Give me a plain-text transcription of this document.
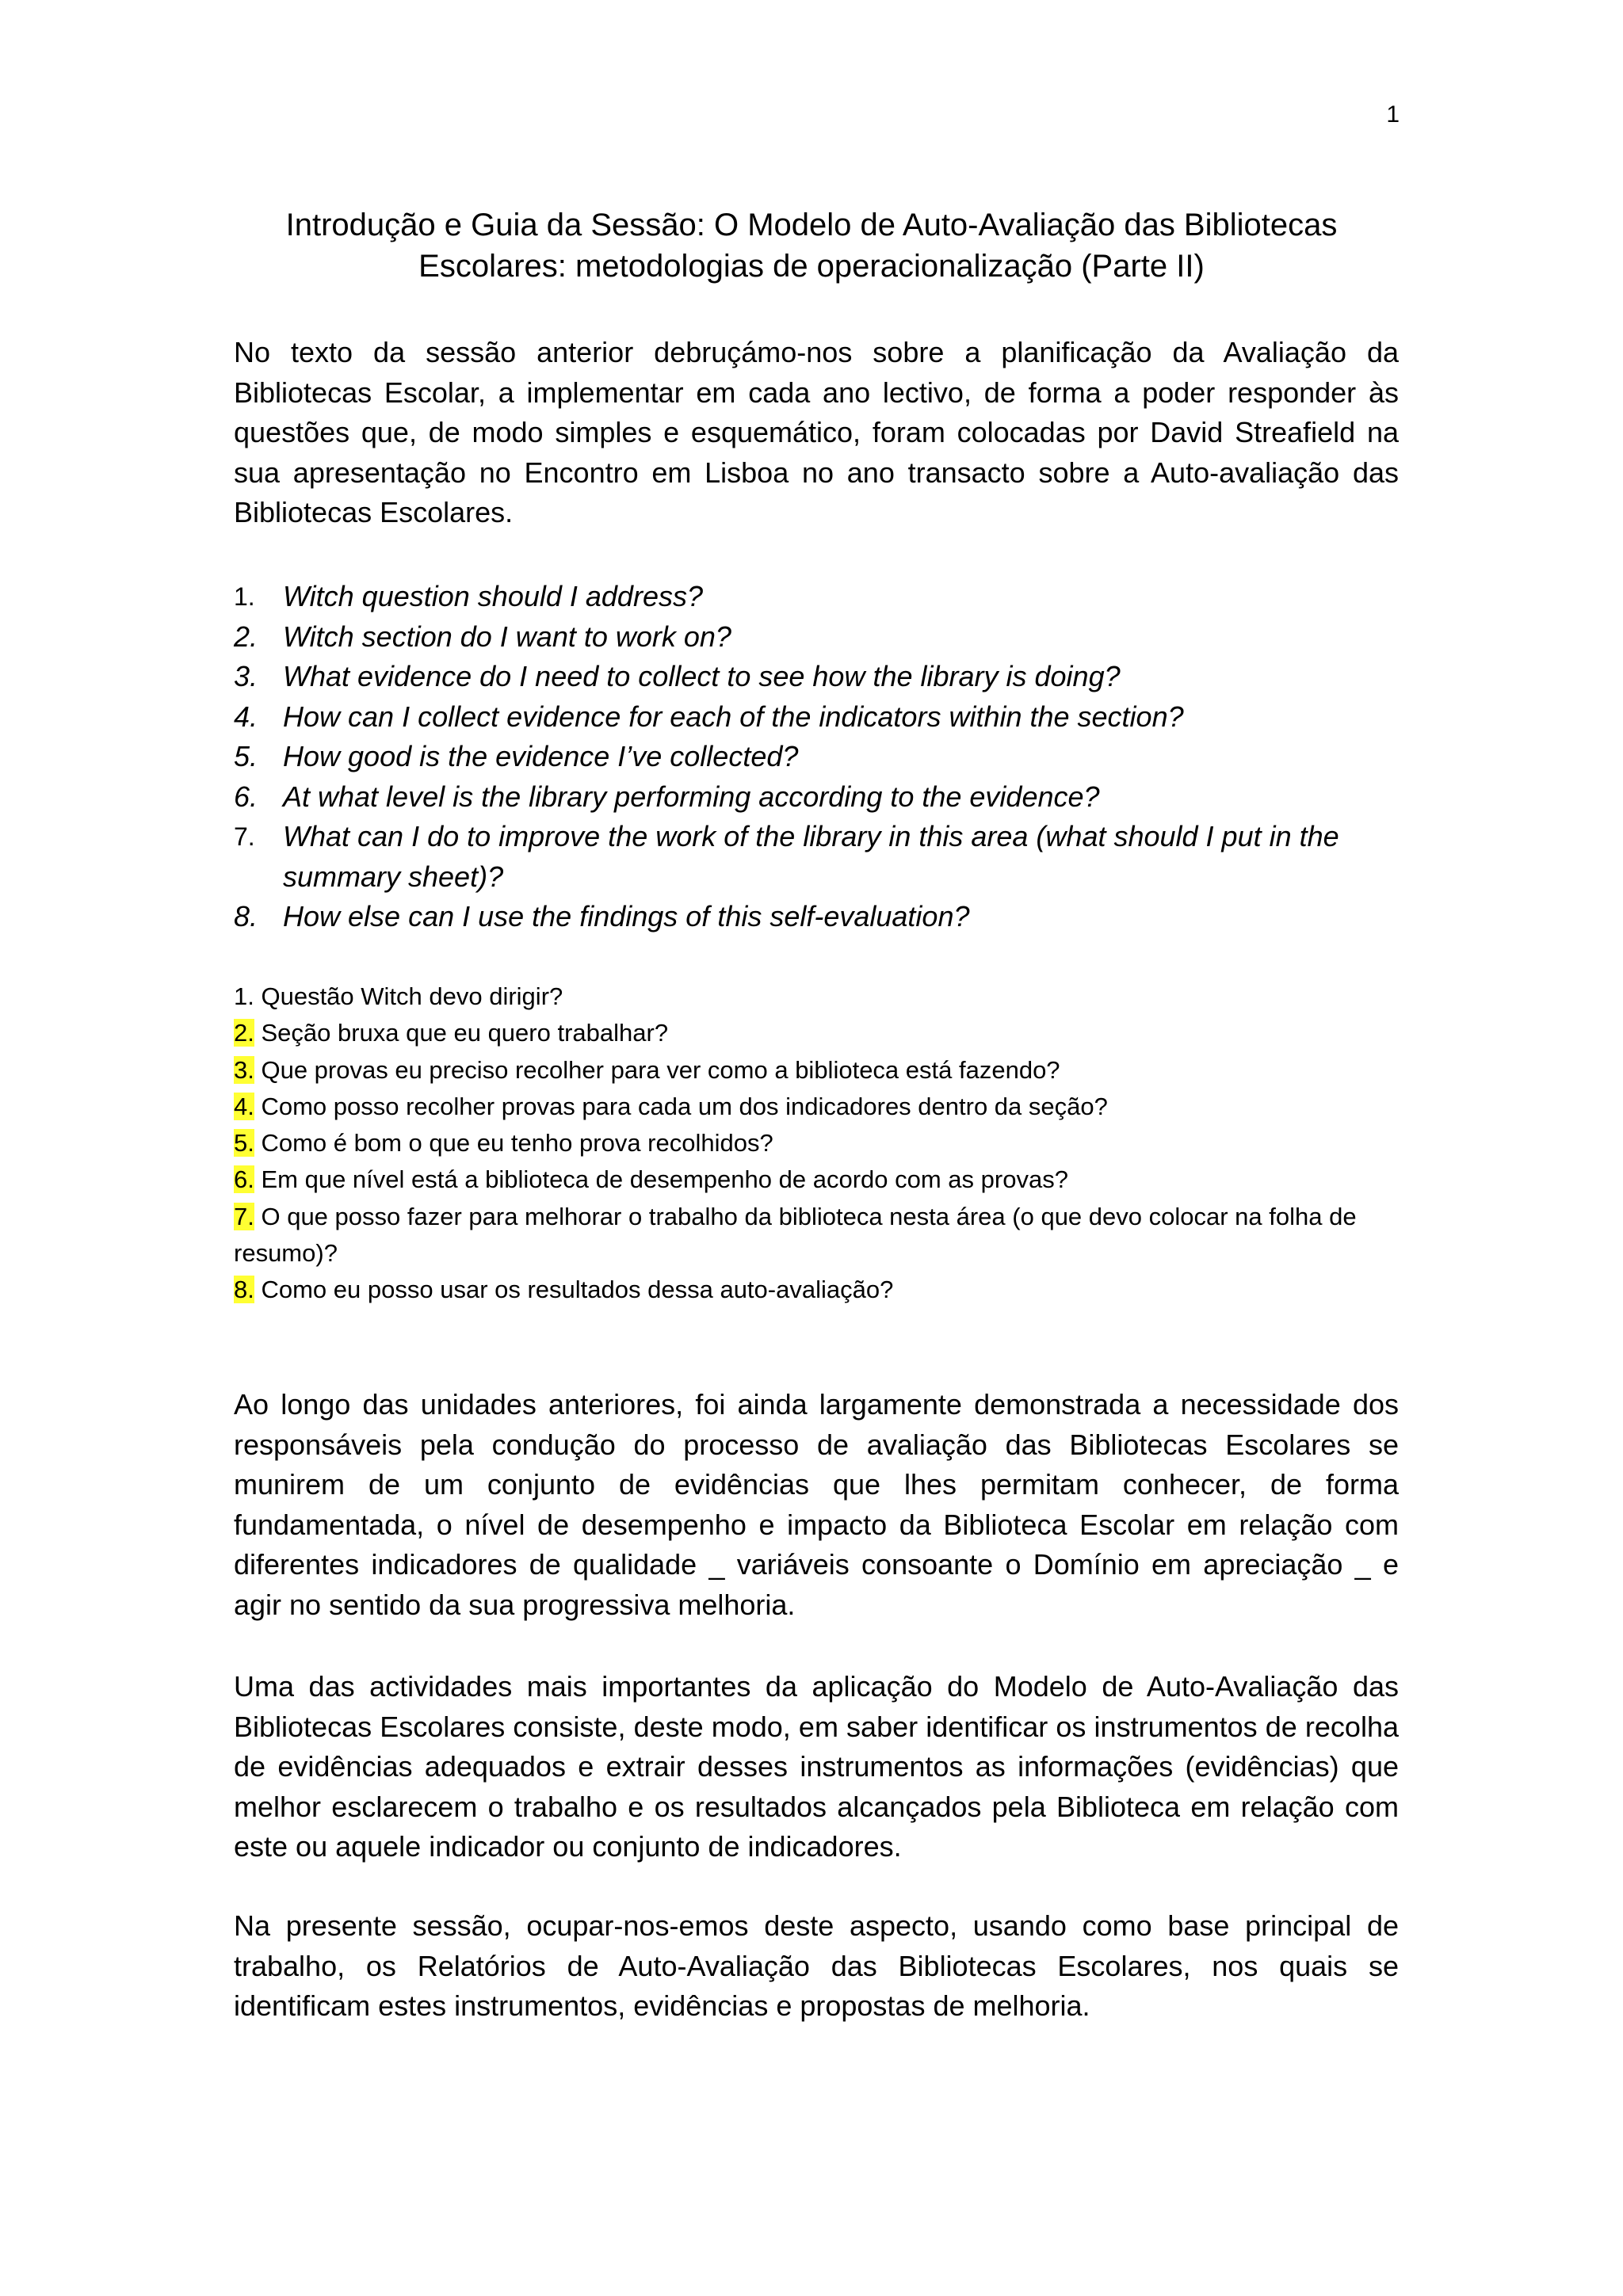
1
Introdução e Guia da Sessão: O Modelo de Auto-Avaliação das Bibliotecas Escolares: metodologias de operacionalização (Parte II)
No texto da sessão anterior debruçámo-nos sobre a planificação da Avaliação da Bibliotecas Escolar, a implementar em cada ano lectivo, de forma a poder responder às questões que, de modo simples e esquemático, foram colocadas por David Streafield na sua apresentação no Encontro em Lisboa no ano transacto sobre a Auto-avaliação das Bibliotecas Escolares.
1. Witch question should I address?
2. Witch section do I want to work on?
3. What evidence do I need to collect to see how the library is doing?
4. How can I collect evidence for each of the indicators within the section?
5. How good is the evidence I’ve collected?
6. At what level is the library performing according to the evidence?
7. What can I do to improve the work of the library in this area (what should I put in the summary sheet)?
8. How else can I use the findings of this self-evaluation?
1. Questão Witch devo dirigir?
2. Seção bruxa que eu quero trabalhar?
3. Que provas eu preciso recolher para ver como a biblioteca está fazendo?
4. Como posso recolher provas para cada um dos indicadores dentro da seção?
5. Como é bom o que eu tenho prova recolhidos?
6. Em que nível está a biblioteca de desempenho de acordo com as provas?
7. O que posso fazer para melhorar o trabalho da biblioteca nesta área (o que devo colocar na folha de resumo)?
8. Como eu posso usar os resultados dessa auto-avaliação?
Ao longo das unidades anteriores, foi ainda largamente demonstrada a necessidade dos responsáveis pela condução do processo de avaliação das Bibliotecas Escolares se munirem de um conjunto de evidências que lhes permitam conhecer, de forma fundamentada, o nível de desempenho e impacto da Biblioteca Escolar em relação com diferentes indicadores de qualidade _ variáveis consoante o Domínio em apreciação _ e agir no sentido da sua progressiva melhoria.
Uma das actividades mais importantes da aplicação do Modelo de Auto-Avaliação das Bibliotecas Escolares consiste, deste modo, em saber identificar os instrumentos de recolha de evidências adequados e extrair desses instrumentos as informações (evidências) que melhor esclarecem o trabalho e os resultados alcançados pela Biblioteca em relação com este ou aquele indicador ou conjunto de indicadores.
Na presente sessão, ocupar-nos-emos deste aspecto, usando como base principal de trabalho, os Relatórios de Auto-Avaliação das Bibliotecas Escolares, nos quais se identificam estes instrumentos, evidências e propostas de melhoria.
